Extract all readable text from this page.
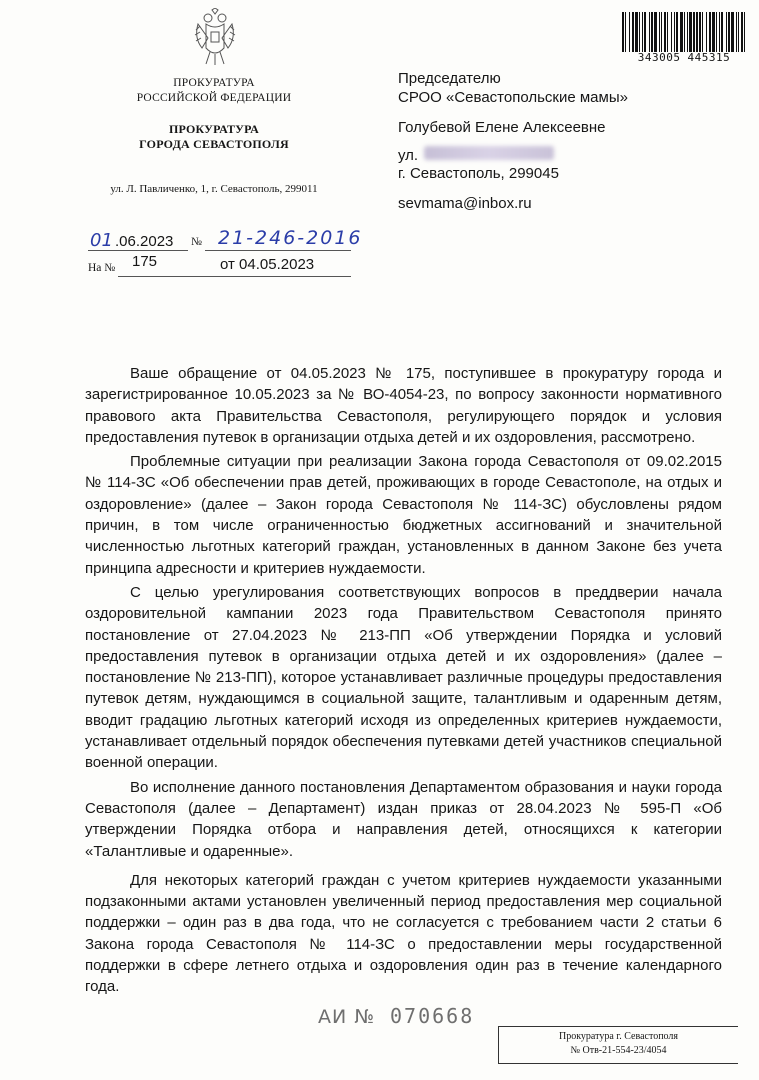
ПРОКУРАТУРА
РОССИЙСКОЙ ФЕДЕРАЦИИ
ПРОКУРАТУРА
ГОРОДА СЕВАСТОПОЛЯ
ул. Л. Павличенко, 1, г. Севастополь, 299011
343005 445315
Председателю
СРОО «Севастопольские мамы»
Голубевой Елене Алексеевне
ул.
г. Севастополь, 299045
sevmama@inbox.ru
01 .06.2023 № 21-246-2016
На № 175	от 04.05.2023

Ваше обращение от 04.05.2023 № 175, поступившее в прокуратуру города и зарегистрированное 10.05.2023 за № ВО-4054-23, по вопросу законности нормативного правового акта Правительства Севастополя, регулирующего порядок и условия предоставления путевок в организации отдыха детей и их оздоровления, рассмотрено.

Проблемные ситуации при реализации Закона города Севастополя от 09.02.2015 № 114-ЗС «Об обеспечении прав детей, проживающих в городе Севастополе, на отдых и оздоровление» (далее – Закон города Севастополя № 114-ЗС) обусловлены рядом причин, в том числе ограниченностью бюджетных ассигнований и значительной численностью льготных категорий граждан, установленных в данном Законе без учета принципа адресности и критериев нуждаемости.

С целью урегулирования соответствующих вопросов в преддверии начала оздоровительной кампании 2023 года Правительством Севастополя принято постановление от 27.04.2023 № 213-ПП «Об утверждении Порядка и условий предоставления путевок в организации отдыха детей и их оздоровления» (далее – постановление № 213-ПП), которое устанавливает различные процедуры предоставления путевок детям, нуждающимся в социальной защите, талантливым и одаренным детям, вводит градацию льготных категорий исходя из определенных критериев нуждаемости, устанавливает отдельный порядок обеспечения путевками детей участников специальной военной операции.

Во исполнение данного постановления Департаментом образования и науки города Севастополя (далее – Департамент) издан приказ от 28.04.2023 № 595-П «Об утверждении Порядка отбора и направления детей, относящихся к категории «Талантливые и одаренные».

Для некоторых категорий граждан с учетом критериев нуждаемости указанными подзаконными актами установлен увеличенный период предоставления мер социальной поддержки – один раз в два года, что не согласуется с требованием части 2 статьи 6 Закона города Севастополя № 114-ЗС о предоставлении меры государственной поддержки в сфере летнего отдыха и оздоровления один раз в течение календарного года.

АИ № 070668
Прокуратура г. Севастополя
№ Отв-21-554-23/4054
